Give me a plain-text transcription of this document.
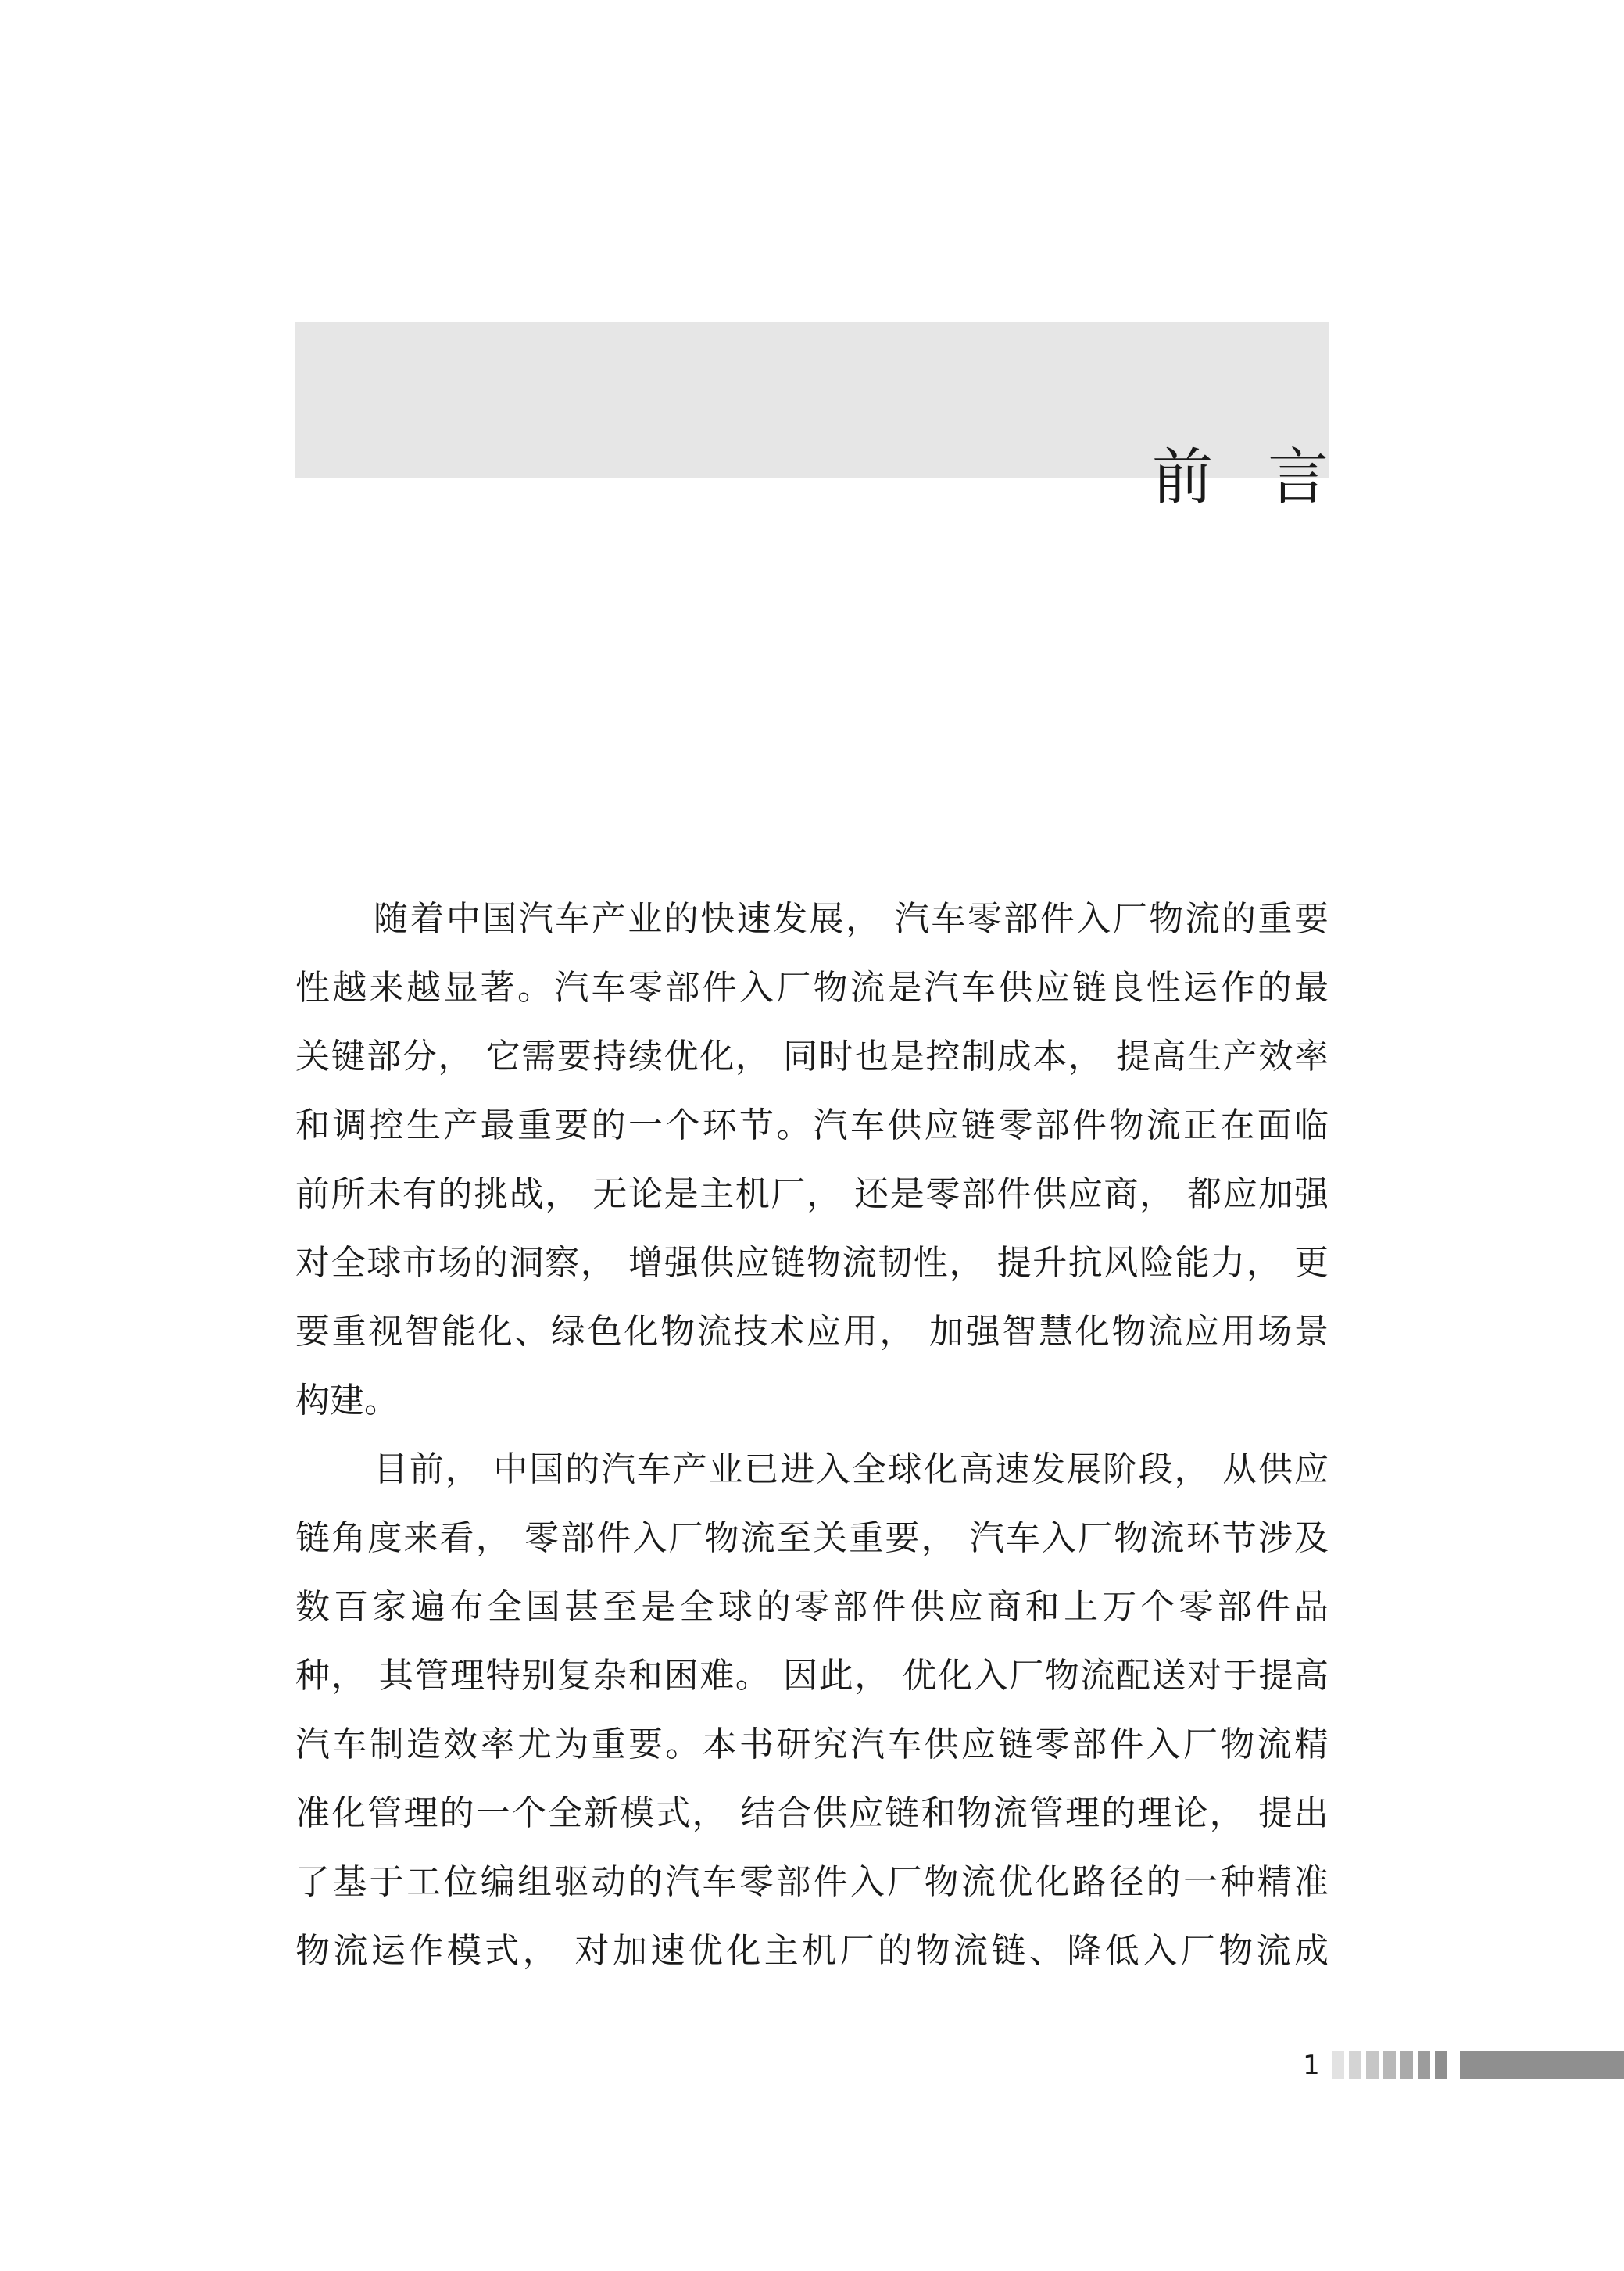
前言
随着中国汽车产业的快速发展， 汽车零部件入厂物流的重要
性越来越显著。汽车零部件入厂物流是汽车供应链良性运作的最
关键部分， 它需要持续优化， 同时也是控制成本， 提高生产效率
和调控生产最重要的一个环节。汽车供应链零部件物流正在面临
前所未有的挑战， 无论是主机厂， 还是零部件供应商， 都应加强
对全球市场的洞察， 增强供应链物流韧性， 提升抗风险能力， 更
要重视智能化、绿色化物流技术应用， 加强智慧化物流应用场景
构建。
目前， 中国的汽车产业已进入全球化高速发展阶段， 从供应
链角度来看， 零部件入厂物流至关重要， 汽车入厂物流环节涉及
数百家遍布全国甚至是全球的零部件供应商和上万个零部件品
种， 其管理特别复杂和困难。 因此， 优化入厂物流配送对于提高
汽车制造效率尤为重要。本书研究汽车供应链零部件入厂物流精
准化管理的一个全新模式， 结合供应链和物流管理的理论， 提出
了基于工位编组驱动的汽车零部件入厂物流优化路径的一种精准
物流运作模式， 对加速优化主机厂的物流链、降低入厂物流成
1
